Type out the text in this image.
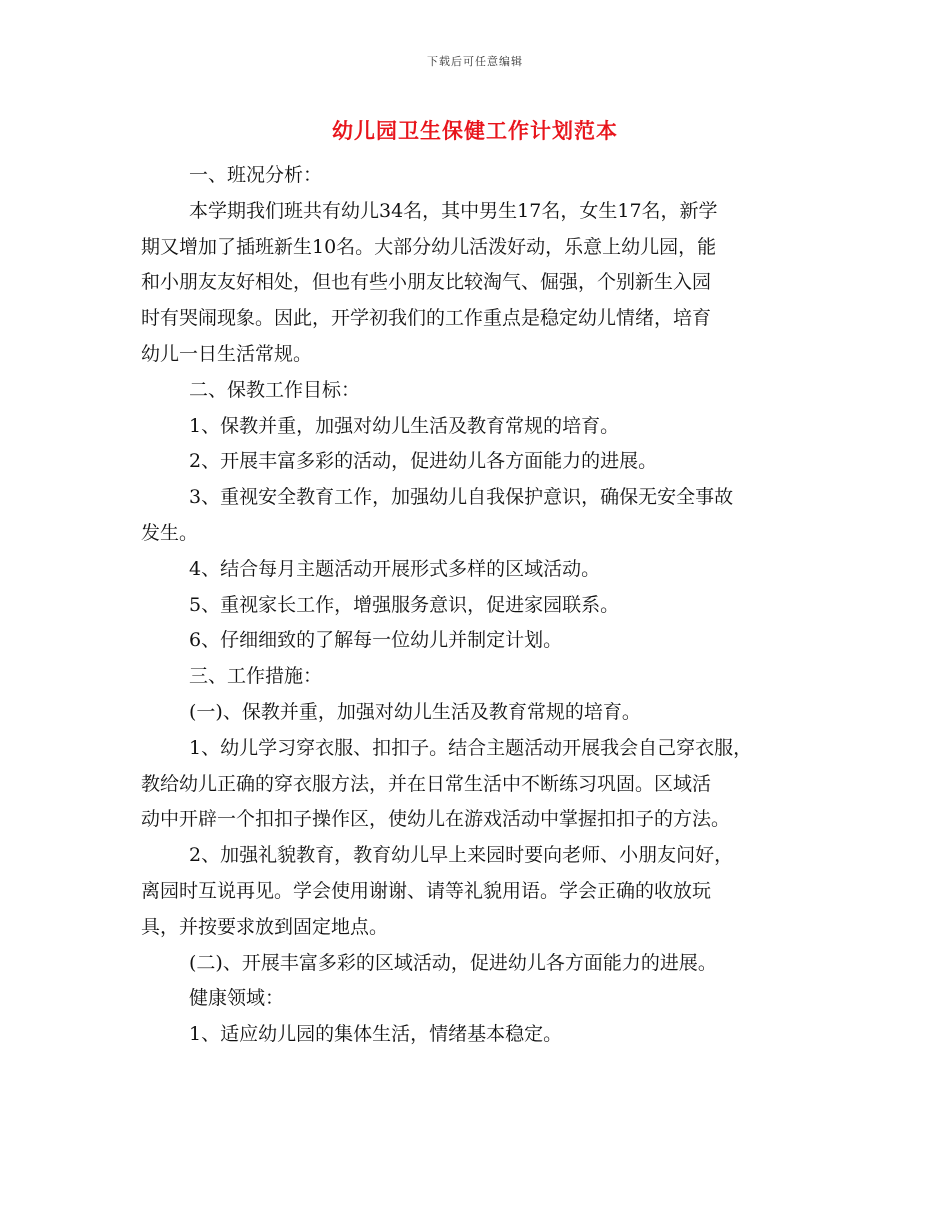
下载后可任意编辑
幼儿园卫生保健工作计划范本
一、班况分析：
本学期我们班共有幼儿34名，其中男生17名，女生17名，新学
期又增加了插班新生10名。大部分幼儿活泼好动，乐意上幼儿园，能
和小朋友友好相处，但也有些小朋友比较淘气、倔强，个别新生入园
时有哭闹现象。因此，开学初我们的工作重点是稳定幼儿情绪，培育
幼儿一日生活常规。
二、保教工作目标：
1、保教并重，加强对幼儿生活及教育常规的培育。
2、开展丰富多彩的活动，促进幼儿各方面能力的进展。
3、重视安全教育工作，加强幼儿自我保护意识，确保无安全事故
发生。
4、结合每月主题活动开展形式多样的区域活动。
5、重视家长工作，增强服务意识，促进家园联系。
6、仔细细致的了解每一位幼儿并制定计划。
三、工作措施：
(一)、保教并重，加强对幼儿生活及教育常规的培育。
1、幼儿学习穿衣服、扣扣子。结合主题活动开展我会自己穿衣服，
教给幼儿正确的穿衣服方法，并在日常生活中不断练习巩固。区域活
动中开辟一个扣扣子操作区，使幼儿在游戏活动中掌握扣扣子的方法。
2、加强礼貌教育，教育幼儿早上来园时要向老师、小朋友问好，
离园时互说再见。学会使用谢谢、请等礼貌用语。学会正确的收放玩
具，并按要求放到固定地点。
(二)、开展丰富多彩的区域活动，促进幼儿各方面能力的进展。
健康领域：
1、适应幼儿园的集体生活，情绪基本稳定。
